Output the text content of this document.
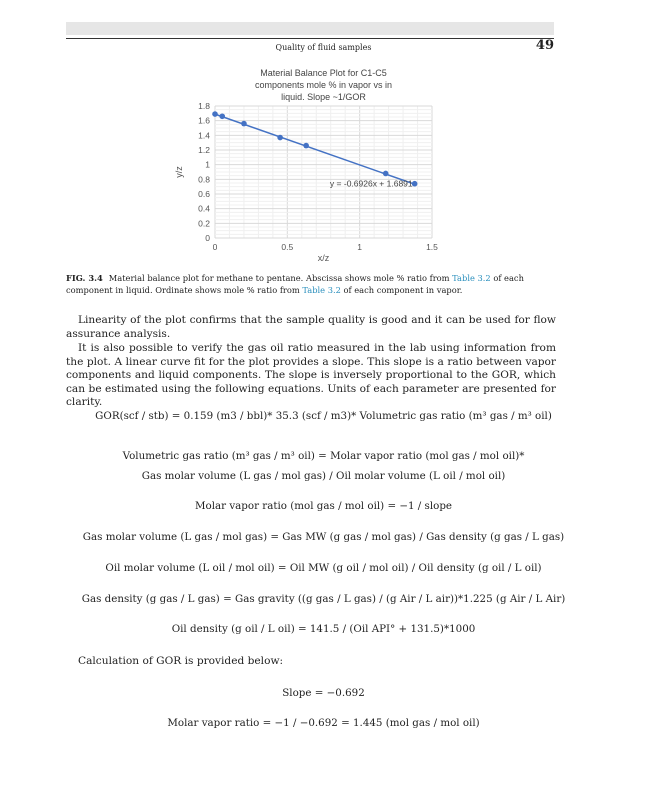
Quality of fluid samples	49
Material Balance Plot for C1-C5
components mole % in vapor vs in
liquid. Slope ~1/GOR
0
0.2
0.4
0.6
0.8
1
1.2
1.4
1.6
1.8
0	0.5	1	1.5
x/z
y/z
y = -0.6926x + 1.6891
FIG. 3.4 Material balance plot for methane to pentane. Abscissa shows mole % ratio from Table 3.2 of each component in liquid. Ordinate shows mole % ratio from Table 3.2 of each component in vapor.
Linearity of the plot confirms that the sample quality is good and it can be used for flow assurance analysis.
It is also possible to verify the gas oil ratio measured in the lab using information from the plot. A linear curve fit for the plot provides a slope. This slope is a ratio between vapor components and liquid components. The slope is inversely proportional to the GOR, which can be estimated using the following equations. Units of each parameter are presented for clarity.
GOR(scf / stb) = 0.159 (m3 / bbl)* 35.3 (scf / m3)* Volumetric gas ratio (m³ gas / m³ oil)
Volumetric gas ratio (m³ gas / m³ oil) = Molar vapor ratio (mol gas / mol oil)*
Gas molar volume (L gas / mol gas) / Oil molar volume (L oil / mol oil)
Molar vapor ratio (mol gas / mol oil) = −1 / slope
Gas molar volume (L gas / mol gas) = Gas MW (g gas / mol gas) / Gas density (g gas / L gas)
Oil molar volume (L oil / mol oil) = Oil MW (g oil / mol oil) / Oil density (g oil / L oil)
Gas density (g gas / L gas) = Gas gravity ((g gas / L gas) / (g Air / L air))*1.225 (g Air / L Air)
Oil density (g oil / L oil) = 141.5 / (Oil API° + 131.5)*1000
Calculation of GOR is provided below:
Slope = −0.692
Molar vapor ratio = −1 / −0.692 = 1.445 (mol gas / mol oil)
